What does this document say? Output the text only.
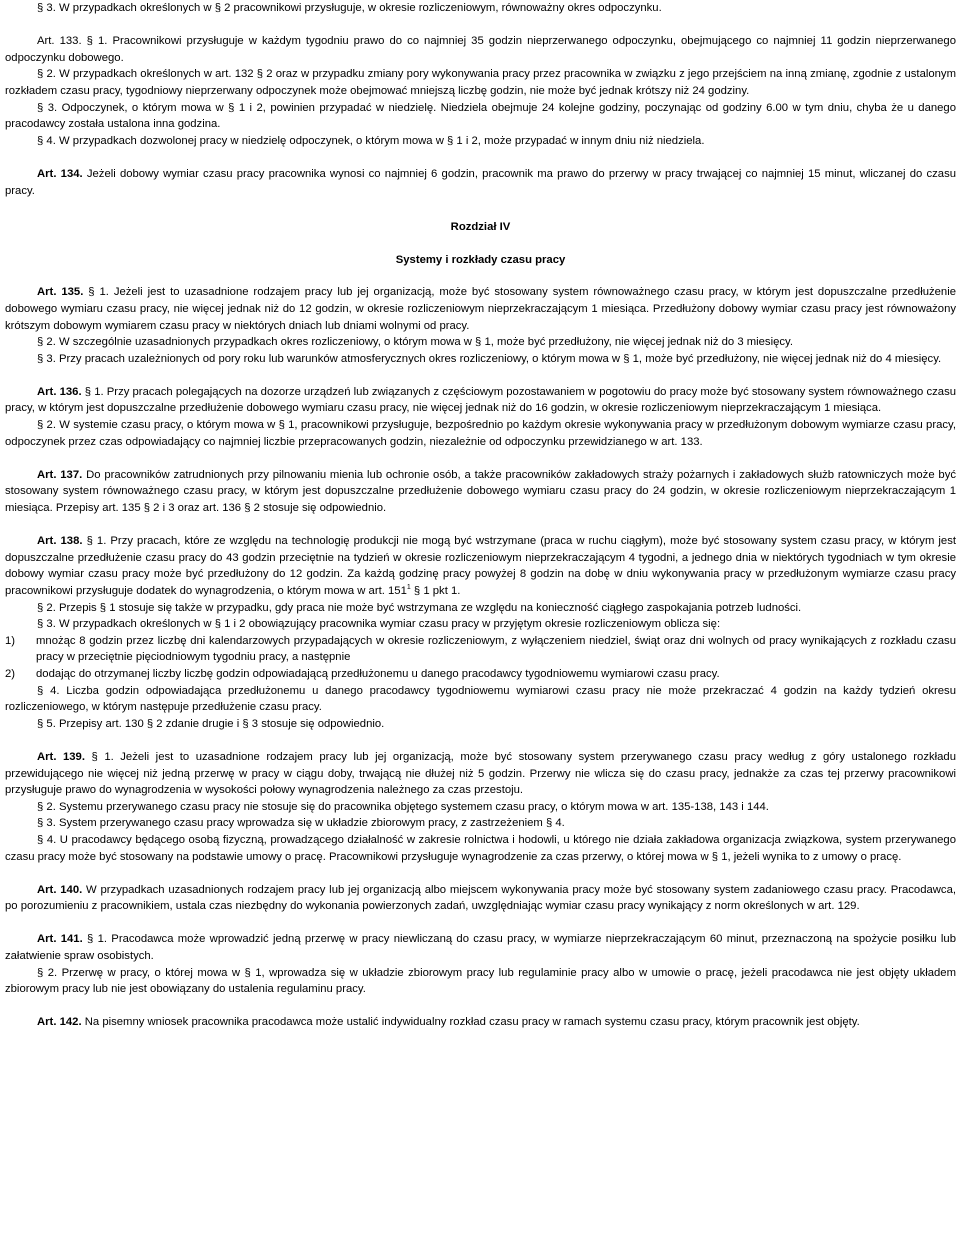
§ 3. W przypadkach określonych w § 2 pracownikowi przysługuje, w okresie rozliczeniowym, równoważny okres odpoczynku.

Art. 133. § 1. Pracownikowi przysługuje w każdym tygodniu prawo do co najmniej 35 godzin nieprzerwanego odpoczynku, obejmującego co najmniej 11 godzin nieprzerwanego odpoczynku dobowego.

§ 2. W przypadkach określonych w art. 132 § 2 oraz w przypadku zmiany pory wykonywania pracy przez pracownika w związku z jego przejściem na inną zmianę, zgodnie z ustalonym rozkładem czasu pracy, tygodniowy nieprzerwany odpoczynek może obejmować mniejszą liczbę godzin, nie może być jednak krótszy niż 24 godziny.

§ 3. Odpoczynek, o którym mowa w § 1 i 2, powinien przypadać w niedzielę. Niedziela obejmuje 24 kolejne godziny, poczynając od godziny 6.00 w tym dniu, chyba że u danego pracodawcy została ustalona inna godzina.

§ 4. W przypadkach dozwolonej pracy w niedzielę odpoczynek, o którym mowa w § 1 i 2, może przypadać w innym dniu niż niedziela.

Art. 134. Jeżeli dobowy wymiar czasu pracy pracownika wynosi co najmniej 6 godzin, pracownik ma prawo do przerwy w pracy trwającej co najmniej 15 minut, wliczanej do czasu pracy.

Rozdział IV

Systemy i rozkłady czasu pracy

Art. 135. § 1. Jeżeli jest to uzasadnione rodzajem pracy lub jej organizacją, może być stosowany system równoważnego czasu pracy, w którym jest dopuszczalne przedłużenie dobowego wymiaru czasu pracy, nie więcej jednak niż do 12 godzin, w okresie rozliczeniowym nieprzekraczającym 1 miesiąca. Przedłużony dobowy wymiar czasu pracy jest równoważony krótszym dobowym wymiarem czasu pracy w niektórych dniach lub dniami wolnymi od pracy.

§ 2. W szczególnie uzasadnionych przypadkach okres rozliczeniowy, o którym mowa w § 1, może być przedłużony, nie więcej jednak niż do 3 miesięcy.

§ 3. Przy pracach uzależnionych od pory roku lub warunków atmosferycznych okres rozliczeniowy, o którym mowa w § 1, może być przedłużony, nie więcej jednak niż do 4 miesięcy.

Art. 136. § 1. Przy pracach polegających na dozorze urządzeń lub związanych z częściowym pozostawaniem w pogotowiu do pracy może być stosowany system równoważnego czasu pracy, w którym jest dopuszczalne przedłużenie dobowego wymiaru czasu pracy, nie więcej jednak niż do 16 godzin, w okresie rozliczeniowym nieprzekraczającym 1 miesiąca.

§ 2. W systemie czasu pracy, o którym mowa w § 1, pracownikowi przysługuje, bezpośrednio po każdym okresie wykonywania pracy w przedłużonym dobowym wymiarze czasu pracy, odpoczynek przez czas odpowiadający co najmniej liczbie przepracowanych godzin, niezależnie od odpoczynku przewidzianego w art. 133.

Art. 137. Do pracowników zatrudnionych przy pilnowaniu mienia lub ochronie osób, a także pracowników zakładowych straży pożarnych i zakładowych służb ratowniczych może być stosowany system równoważnego czasu pracy, w którym jest dopuszczalne przedłużenie dobowego wymiaru czasu pracy do 24 godzin, w okresie rozliczeniowym nieprzekraczającym 1 miesiąca. Przepisy art. 135 § 2 i 3 oraz art. 136 § 2 stosuje się odpowiednio.

Art. 138. § 1. Przy pracach, które ze względu na technologię produkcji nie mogą być wstrzymane (praca w ruchu ciągłym), może być stosowany system czasu pracy, w którym jest dopuszczalne przedłużenie czasu pracy do 43 godzin przeciętnie na tydzień w okresie rozliczeniowym nieprzekraczającym 4 tygodni, a jednego dnia w niektórych tygodniach w tym okresie dobowy wymiar czasu pracy może być przedłużony do 12 godzin. Za każdą godzinę pracy powyżej 8 godzin na dobę w dniu wykonywania pracy w przedłużonym wymiarze czasu pracy pracownikowi przysługuje dodatek do wynagrodzenia, o którym mowa w art. $151^1$ § 1 pkt 1.

§ 2. Przepis § 1 stosuje się także w przypadku, gdy praca nie może być wstrzymana ze względu na konieczność ciągłego zaspokajania potrzeb ludności.

§ 3. W przypadkach określonych w § 1 i 2 obowiązujący pracownika wymiar czasu pracy w przyjętym okresie rozliczeniowym oblicza się:

1) mnożąc 8 godzin przez liczbę dni kalendarzowych przypadających w okresie rozliczeniowym, z wyłączeniem niedziel, świąt oraz dni wolnych od pracy wynikających z rozkładu czasu pracy w przeciętnie pięciodniowym tygodniu pracy, a następnie
2) dodając do otrzymanej liczby liczbę godzin odpowiadającą przedłużonemu u danego pracodawcy tygodniowemu wymiarowi czasu pracy.

§ 4. Liczba godzin odpowiadająca przedłużonemu u danego pracodawcy tygodniowemu wymiarowi czasu pracy nie może przekraczać 4 godzin na każdy tydzień okresu rozliczeniowego, w którym następuje przedłużenie czasu pracy.

§ 5. Przepisy art. 130 § 2 zdanie drugie i § 3 stosuje się odpowiednio.

Art. 139. § 1. Jeżeli jest to uzasadnione rodzajem pracy lub jej organizacją, może być stosowany system przerywanego czasu pracy według z góry ustalonego rozkładu przewidującego nie więcej niż jedną przerwę w pracy w ciągu doby, trwającą nie dłużej niż 5 godzin. Przerwy nie wlicza się do czasu pracy, jednakże za czas tej przerwy pracownikowi przysługuje prawo do wynagrodzenia w wysokości połowy wynagrodzenia należnego za czas przestoju.

§ 2. Systemu przerywanego czasu pracy nie stosuje się do pracownika objętego systemem czasu pracy, o którym mowa w art. 135-138, 143 i 144.

§ 3. System przerywanego czasu pracy wprowadza się w układzie zbiorowym pracy, z zastrzeżeniem § 4.

§ 4. U pracodawcy będącego osobą fizyczną, prowadzącego działalność w zakresie rolnictwa i hodowli, u którego nie działa zakładowa organizacja związkowa, system przerywanego czasu pracy może być stosowany na podstawie umowy o pracę. Pracownikowi przysługuje wynagrodzenie za czas przerwy, o której mowa w § 1, jeżeli wynika to z umowy o pracę.

Art. 140. W przypadkach uzasadnionych rodzajem pracy lub jej organizacją albo miejscem wykonywania pracy może być stosowany system zadaniowego czasu pracy. Pracodawca, po porozumieniu z pracownikiem, ustala czas niezbędny do wykonania powierzonych zadań, uwzględniając wymiar czasu pracy wynikający z norm określonych w art. 129.

Art. 141. § 1. Pracodawca może wprowadzić jedną przerwę w pracy niewliczaną do czasu pracy, w wymiarze nieprzekraczającym 60 minut, przeznaczoną na spożycie posiłku lub załatwienie spraw osobistych.

§ 2. Przerwę w pracy, o której mowa w § 1, wprowadza się w układzie zbiorowym pracy lub regulaminie pracy albo w umowie o pracę, jeżeli pracodawca nie jest objęty układem zbiorowym pracy lub nie jest obowiązany do ustalenia regulaminu pracy.

Art. 142. Na pisemny wniosek pracownika pracodawca może ustalić indywidualny rozkład czasu pracy w ramach systemu czasu pracy, którym pracownik jest objęty.
